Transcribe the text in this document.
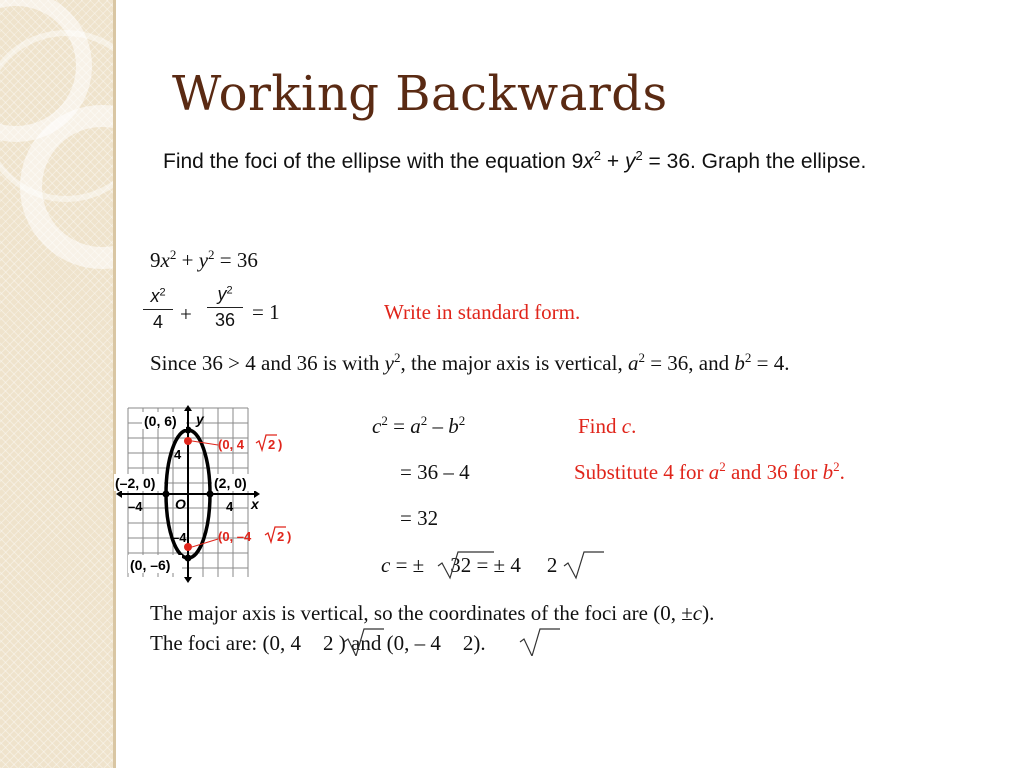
Working Backwards
Find the foci of the ellipse with the equation $9x^2 + y^2 = 36$. Graph the ellipse.
$9x^2 + y^2 = 36$
$x^2$
4 +
$y^2$
36 = 1	Write in standard form.
Since 36 > 4 and 36 is with $y^2$, the major axis is vertical, $a^2 = 36$, and $b^2 = 4$.
(0, 6) y
4
(–2, 0)	(2, 0)
–4 O	4 x
–4
(0, –6)
(0, 4 2 )
(0, –4 2 )
$c^2 = a^2 - b^2$	Find c.
= 36 – 4	Substitute 4 for $a^2$ and 36 for $b^2$.
= 32
c = ± 32 = ± 4 2
The major axis is vertical, so the coordinates of the foci are (0, ±c).
The foci are: (0, 4 2 ) and (0, – 4 2).
